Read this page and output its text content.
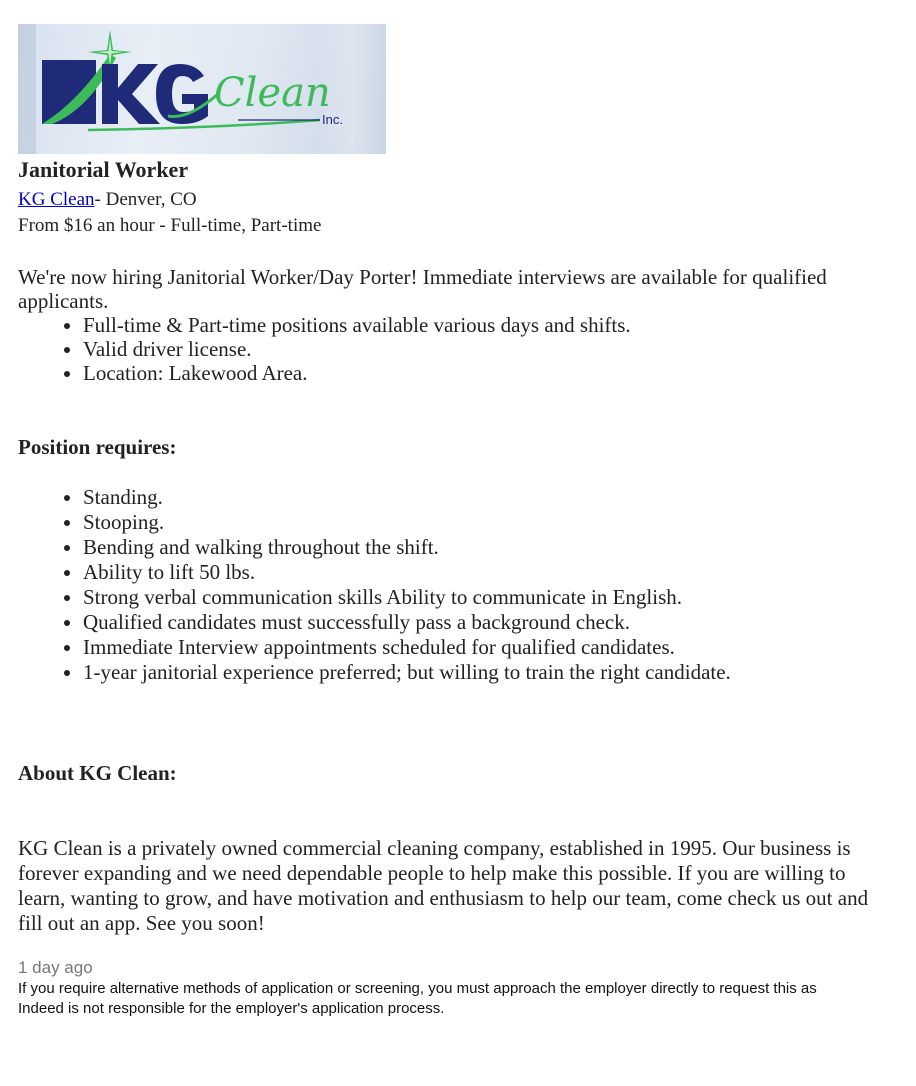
Clean
Inc.
Janitorial Worker
KG Clean- Denver, CO
From $16 an hour - Full-time, Part-time

We're now hiring Janitorial Worker/Day Porter! Immediate interviews are available for qualified applicants.

• Full-time & Part-time positions available various days and shifts.
• Valid driver license.
• Location: Lakewood Area.

Position requires:

• Standing.
• Stooping.
• Bending and walking throughout the shift.
• Ability to lift 50 lbs.
• Strong verbal communication skills Ability to communicate in English.
• Qualified candidates must successfully pass a background check.
• Immediate Interview appointments scheduled for qualified candidates.
• 1-year janitorial experience preferred; but willing to train the right candidate.

About KG Clean:

KG Clean is a privately owned commercial cleaning company, established in 1995. Our business is forever expanding and we need dependable people to help make this possible. If you are willing to learn, wanting to grow, and have motivation and enthusiasm to help our team, come check us out and fill out an app. See you soon!

1 day ago
If you require alternative methods of application or screening, you must approach the employer directly to request this as Indeed is not responsible for the employer's application process.
